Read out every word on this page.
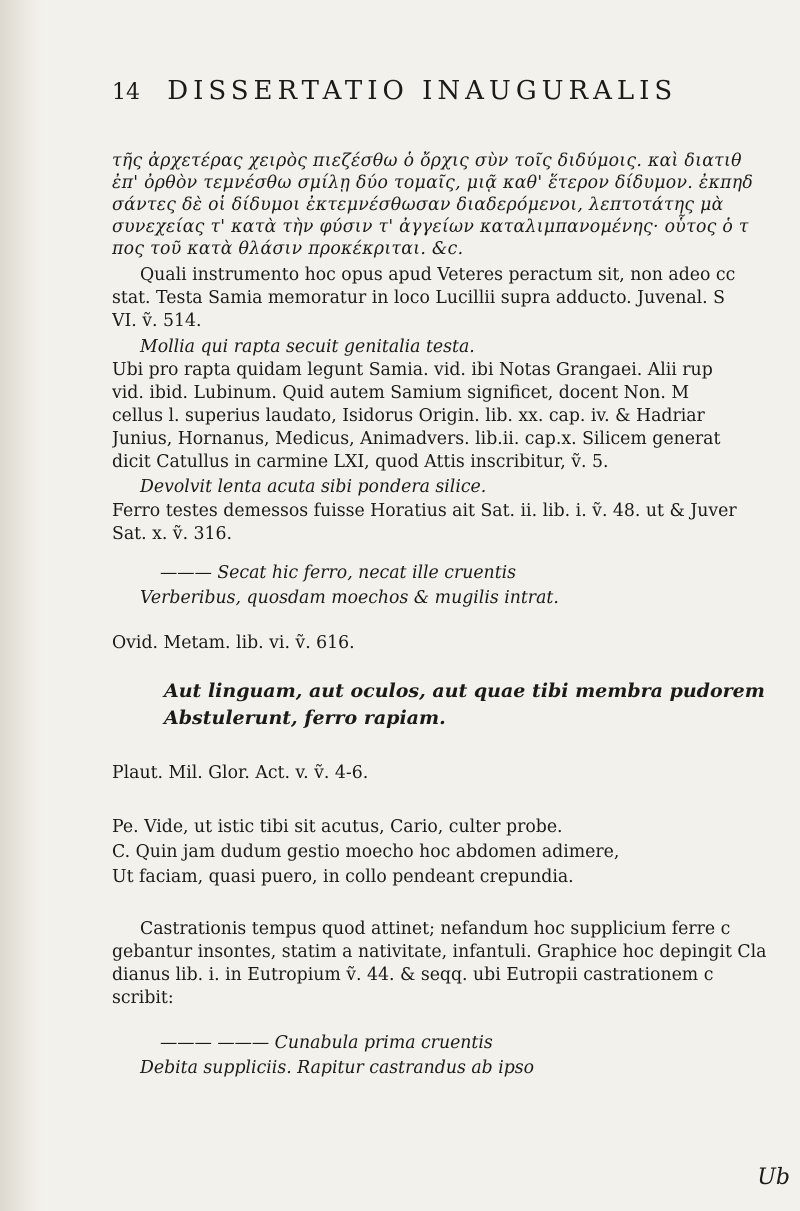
14 DISSERTATIO INAUGURALIS
τῆς ἀρχετέρας χειρὸς πιεζέσθω ὁ ὄρχις σὺν τοῖς διδύμοις. καὶ διατιθ
ἐπ' ὀρθὸν τεμνέσθω σμίλῃ δύο τομαῖς, μιᾷ καθ' ἕτερον δίδυμον. ἐκπηδ
σάντες δὲ οἱ δίδυμοι ἐκτεμνέσθωσαν διαδερόμενοι, λεπτοτάτης μὰ
συνεχείας τ' κατὰ τὴν φύσιν τ' ἀγγείων καταλιμπανομένης· οὗτος ὁ τ
πος τοῦ κατὰ θλάσιν προκέκριται. &c.
Quali instrumento hoc opus apud Veteres peractum sit, non adeo cc
stat. Testa Samia memoratur in loco Lucillii supra adducto. Juvenal. S
VI. ṽ. 514.
Mollia qui rapta secuit genitalia testa.
Ubi pro rapta quidam legunt Samia. vid. ibi Notas Grangaei. Alii rup
vid. ibid. Lubinum. Quid autem Samium significet, docent Non. M
cellus l. superius laudato, Isidorus Origin. lib. xx. cap. iv. & Hadriar
Junius, Hornanus, Medicus, Animadvers. lib.ii. cap.x. Silicem generat
dicit Catullus in carmine LXI, quod Attis inscribitur, ṽ. 5.
Devolvit lenta acuta sibi pondera silice.
Ferro testes demessos fuisse Horatius ait Sat. ii. lib. i. ṽ. 48. ut & Juver
Sat. x. ṽ. 316.
——— Secat hic ferro, necat ille cruentis
Verberibus, quosdam moechos & mugilis intrat.
Ovid. Metam. lib. vi. ṽ. 616.
Aut linguam, aut oculos, aut quae tibi membra pudorem
Abstulerunt, ferro rapiam.
Plaut. Mil. Glor. Act. v. ṽ. 4-6.
Pe. Vide, ut istic tibi sit acutus, Cario, culter probe.
C. Quin jam dudum gestio moecho hoc abdomen adimere,
Ut faciam, quasi puero, in collo pendeant crepundia.
Castrationis tempus quod attinet; nefandum hoc supplicium ferre c
gebantur insontes, statim a nativitate, infantuli. Graphice hoc depingit Cla
dianus lib. i. in Eutropium ṽ. 44. & seqq. ubi Eutropii castrationem c
scribit:
——— ——— Cunabula prima cruentis
Debita suppliciis. Rapitur castrandus ab ipso
Ub
